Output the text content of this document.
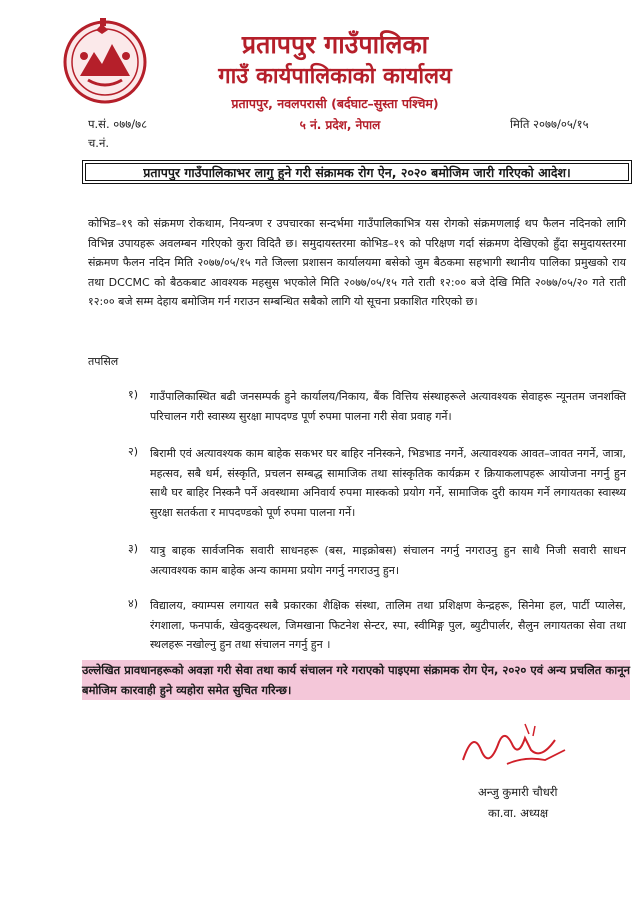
प्रतापपुर गाउँपालिका
गाउँ कार्यपालिकाको कार्यालय
प्रतापपुर, नवलपरासी (बर्दघाट–सुस्ता पश्चिम)
५ नं. प्रदेश, नेपाल
प.सं. ०७७/७८
च.नं.
मिति २०७७/०५/१५
प्रतापपुर गाउँपालिकाभर लागु हुने गरी संक्रामक रोग ऐन, २०२० बमोजिम जारी गरिएको आदेश।
कोभिड–१९ को संक्रमण रोकथाम, नियन्त्रण र उपचारका सन्दर्भमा गाउँपालिकाभित्र यस रोगको संक्रमणलाई थप फैलन नदिनको लागि विभिन्न उपायहरू अवलम्बन गरिएको कुरा विदितै छ। समुदायस्तरमा कोभिड–१९ को परिक्षण गर्दा संक्रमण देखिएको हुँदा समुदायस्तरमा संक्रमण फैलन नदिन मिति २०७७/०५/१५ गते जिल्ला प्रशासन कार्यालयमा बसेको जुम बैठकमा सहभागी स्थानीय पालिका प्रमुखको राय तथा DCCMC को बैठकबाट आवश्यक महसुस भएकोले मिति २०७७/०५/१५ गते राती १२:०० बजे देखि मिति २०७७/०५/२० गते राती १२:०० बजे सम्म देहाय बमोजिम गर्न गराउन सम्बन्धित सबैको लागि यो सूचना प्रकाशित गरिएको छ।
तपसिल
१) गाउँपालिकास्थित बढी जनसम्पर्क हुने कार्यालय/निकाय, बैंक वित्तिय संस्थाहरूले अत्यावश्यक सेवाहरू न्यूनतम जनशक्ति परिचालन गरी स्वास्थ्य सुरक्षा मापदण्ड पूर्ण रुपमा पालना गरी सेवा प्रवाह गर्ने।
२) बिरामी एवं अत्यावश्यक काम बाहेक सकभर घर बाहिर ननिस्कने, भिडभाड नगर्ने, अत्यावश्यक आवत–जावत नगर्ने, जात्रा, महत्सव, सबै धर्म, संस्कृति, प्रचलन सम्बद्ध सामाजिक तथा सांस्कृतिक कार्यक्रम र क्रियाकलापहरू आयोजना नगर्नु हुन साथै घर बाहिर निस्कनै पर्ने अवस्थामा अनिवार्य रुपमा मास्कको प्रयोग गर्ने, सामाजिक दुरी कायम गर्ने लगायतका स्वास्थ्य सुरक्षा सतर्कता र मापदण्डको पूर्ण रुपमा पालना गर्ने।
३) यात्रु बाहक सार्वजनिक सवारी साधनहरू (बस, माइक्रोबस) संचालन नगर्नु नगराउनु हुन साथै निजी सवारी साधन अत्यावश्यक काम बाहेक अन्य काममा प्रयोग नगर्नु नगराउनु हुन।
४) विद्यालय, क्याम्पस लगायत सबै प्रकारका शैक्षिक संस्था, तालिम तथा प्रशिक्षण केन्द्रहरू, सिनेमा हल, पार्टी प्यालेस, रंगशाला, फनपार्क, खेदकुदस्थल, जिमखाना फिटनेश सेन्टर, स्पा, स्वीमिङ्ग पुल, ब्युटीपार्लर, सैलुन लगायतका सेवा तथा स्थलहरू नखोल्नु हुन तथा संचालन नगर्नु हुन ।
उल्लेखित प्रावधानहरूको अवज्ञा गरी सेवा तथा कार्य संचालन गरे गराएको पाइएमा संक्रामक रोग ऐन, २०२० एवं अन्य प्रचलित कानून बमोजिम कारवाही हुने व्यहोरा समेत सुचित गरिन्छ।
अन्जु कुमारी चौधरी
का.वा. अध्यक्ष
